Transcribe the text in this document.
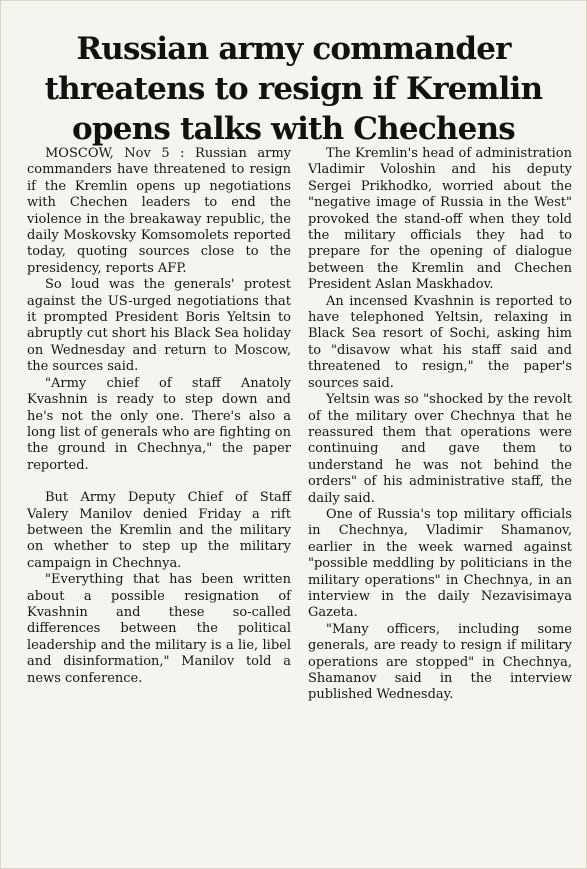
Russian army commander
threatens to resign if Kremlin
opens talks with Chechens

MOSCOW, Nov 5 : Russian army commanders have threatened to resign if the Kremlin opens up negotiations with Chechen leaders to end the violence in the breakaway republic, the daily Moskovsky Komsomolets reported today, quoting sources close to the presidency, reports AFP.

So loud was the generals' protest against the US-urged negotiations that it prompted President Boris Yeltsin to abruptly cut short his Black Sea holiday on Wednesday and return to Moscow, the sources said.

"Army chief of staff Anatoly Kvashnin is ready to step down and he's not the only one. There's also a long list of generals who are fighting on the ground in Chechnya," the paper reported.

But Army Deputy Chief of Staff Valery Manilov denied Friday a rift between the Kremlin and the military on whether to step up the military campaign in Chechnya.

"Everything that has been written about a possible resignation of Kvashnin and these so-called differences between the political leadership and the military is a lie, libel and disinformation," Manilov told a news conference.

The Kremlin's head of administration Vladimir Voloshin and his deputy Sergei Prikhodko, worried about the "negative image of Russia in the West" provoked the stand-off when they told the military officials they had to prepare for the opening of dialogue between the Kremlin and Chechen President Aslan Maskhadov.

An incensed Kvashnin is reported to have telephoned Yeltsin, relaxing in Black Sea resort of Sochi, asking him to "disavow what his staff said and threatened to resign," the paper's sources said.

Yeltsin was so "shocked by the revolt of the military over Chechnya that he reassured them that operations were continuing and gave them to understand he was not behind the orders" of his administrative staff, the daily said.

One of Russia's top military officials in Chechnya, Vladimir Shamanov, earlier in the week warned against "possible meddling by politicians in the military operations" in Chechnya, in an interview in the daily Nezavisimaya Gazeta.

"Many officers, including some generals, are ready to resign if military operations are stopped" in Chechnya, Shamanov said in the interview published Wednesday.
